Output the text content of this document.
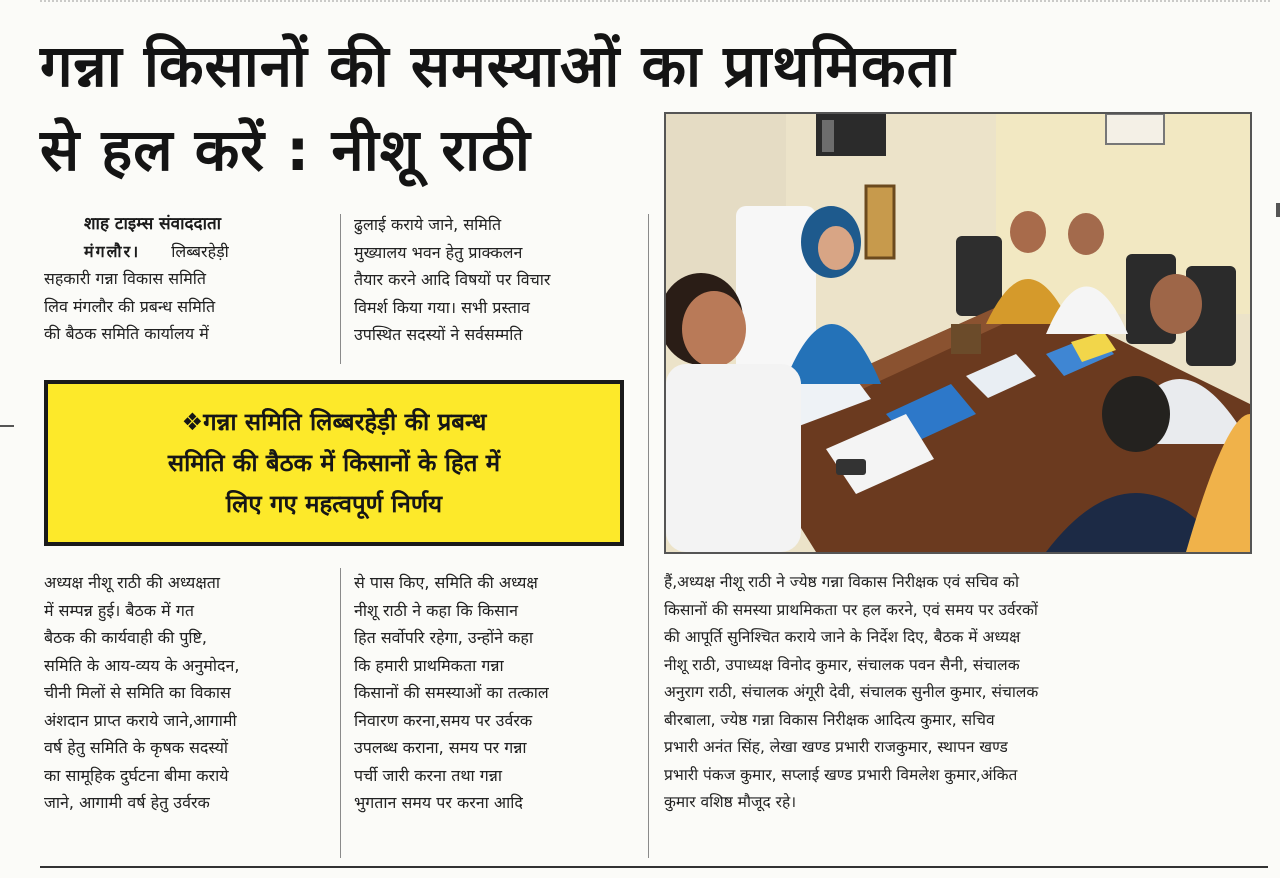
गन्ना किसानों की समस्याओं का प्राथमिकता
से हल करें : नीशू राठी
शाह टाइम्स संवाददाता
मंगलौर। लिब्बरहेड़ी
सहकारी गन्ना विकास समिति
लिव मंगलौर की प्रबन्ध समिति
की बैठक समिति कार्यालय में
ढुलाई कराये जाने, समिति
मुख्यालय भवन हेतु प्राक्कलन
तैयार करने आदि विषयों पर विचार
विमर्श किया गया। सभी प्रस्ताव
उपस्थित सदस्यों ने सर्वसम्मति
❖गन्ना समिति लिब्बरहेड़ी की प्रबन्ध
समिति की बैठक में किसानों के हित में
लिए गए महत्वपूर्ण निर्णय
अध्यक्ष नीशू राठी की अध्यक्षता
में सम्पन्न हुई। बैठक में गत
बैठक की कार्यवाही की पुष्टि,
समिति के आय-व्यय के अनुमोदन,
चीनी मिलों से समिति का विकास
अंशदान प्राप्त कराये जाने,आगामी
वर्ष हेतु समिति के कृषक सदस्यों
का सामूहिक दुर्घटना बीमा कराये
जाने, आगामी वर्ष हेतु उर्वरक
से पास किए, समिति की अध्यक्ष
नीशू राठी ने कहा कि किसान
हित सर्वोपरि रहेगा, उन्होंने कहा
कि हमारी प्राथमिकता गन्ना
किसानों की समस्याओं का तत्काल
निवारण करना,समय पर उर्वरक
उपलब्ध कराना, समय पर गन्ना
पर्ची जारी करना तथा गन्ना
भुगतान समय पर करना आदि
हैं,अध्यक्ष नीशू राठी ने ज्येष्ठ गन्ना विकास निरीक्षक एवं सचिव को
किसानों की समस्या प्राथमिकता पर हल करने, एवं समय पर उर्वरकों
की आपूर्ति सुनिश्चित कराये जाने के निर्देश दिए, बैठक में अध्यक्ष
नीशू राठी, उपाध्यक्ष विनोद कुमार, संचालक पवन सैनी, संचालक
अनुराग राठी, संचालक अंगूरी देवी, संचालक सुनील कुमार, संचालक
बीरबाला, ज्येष्ठ गन्ना विकास निरीक्षक आदित्य कुमार, सचिव
प्रभारी अनंत सिंह, लेखा खण्ड प्रभारी राजकुमार, स्थापन खण्ड
प्रभारी पंकज कुमार, सप्लाई खण्ड प्रभारी विमलेश कुमार,अंकित
कुमार वशिष्ठ मौजूद रहे।
